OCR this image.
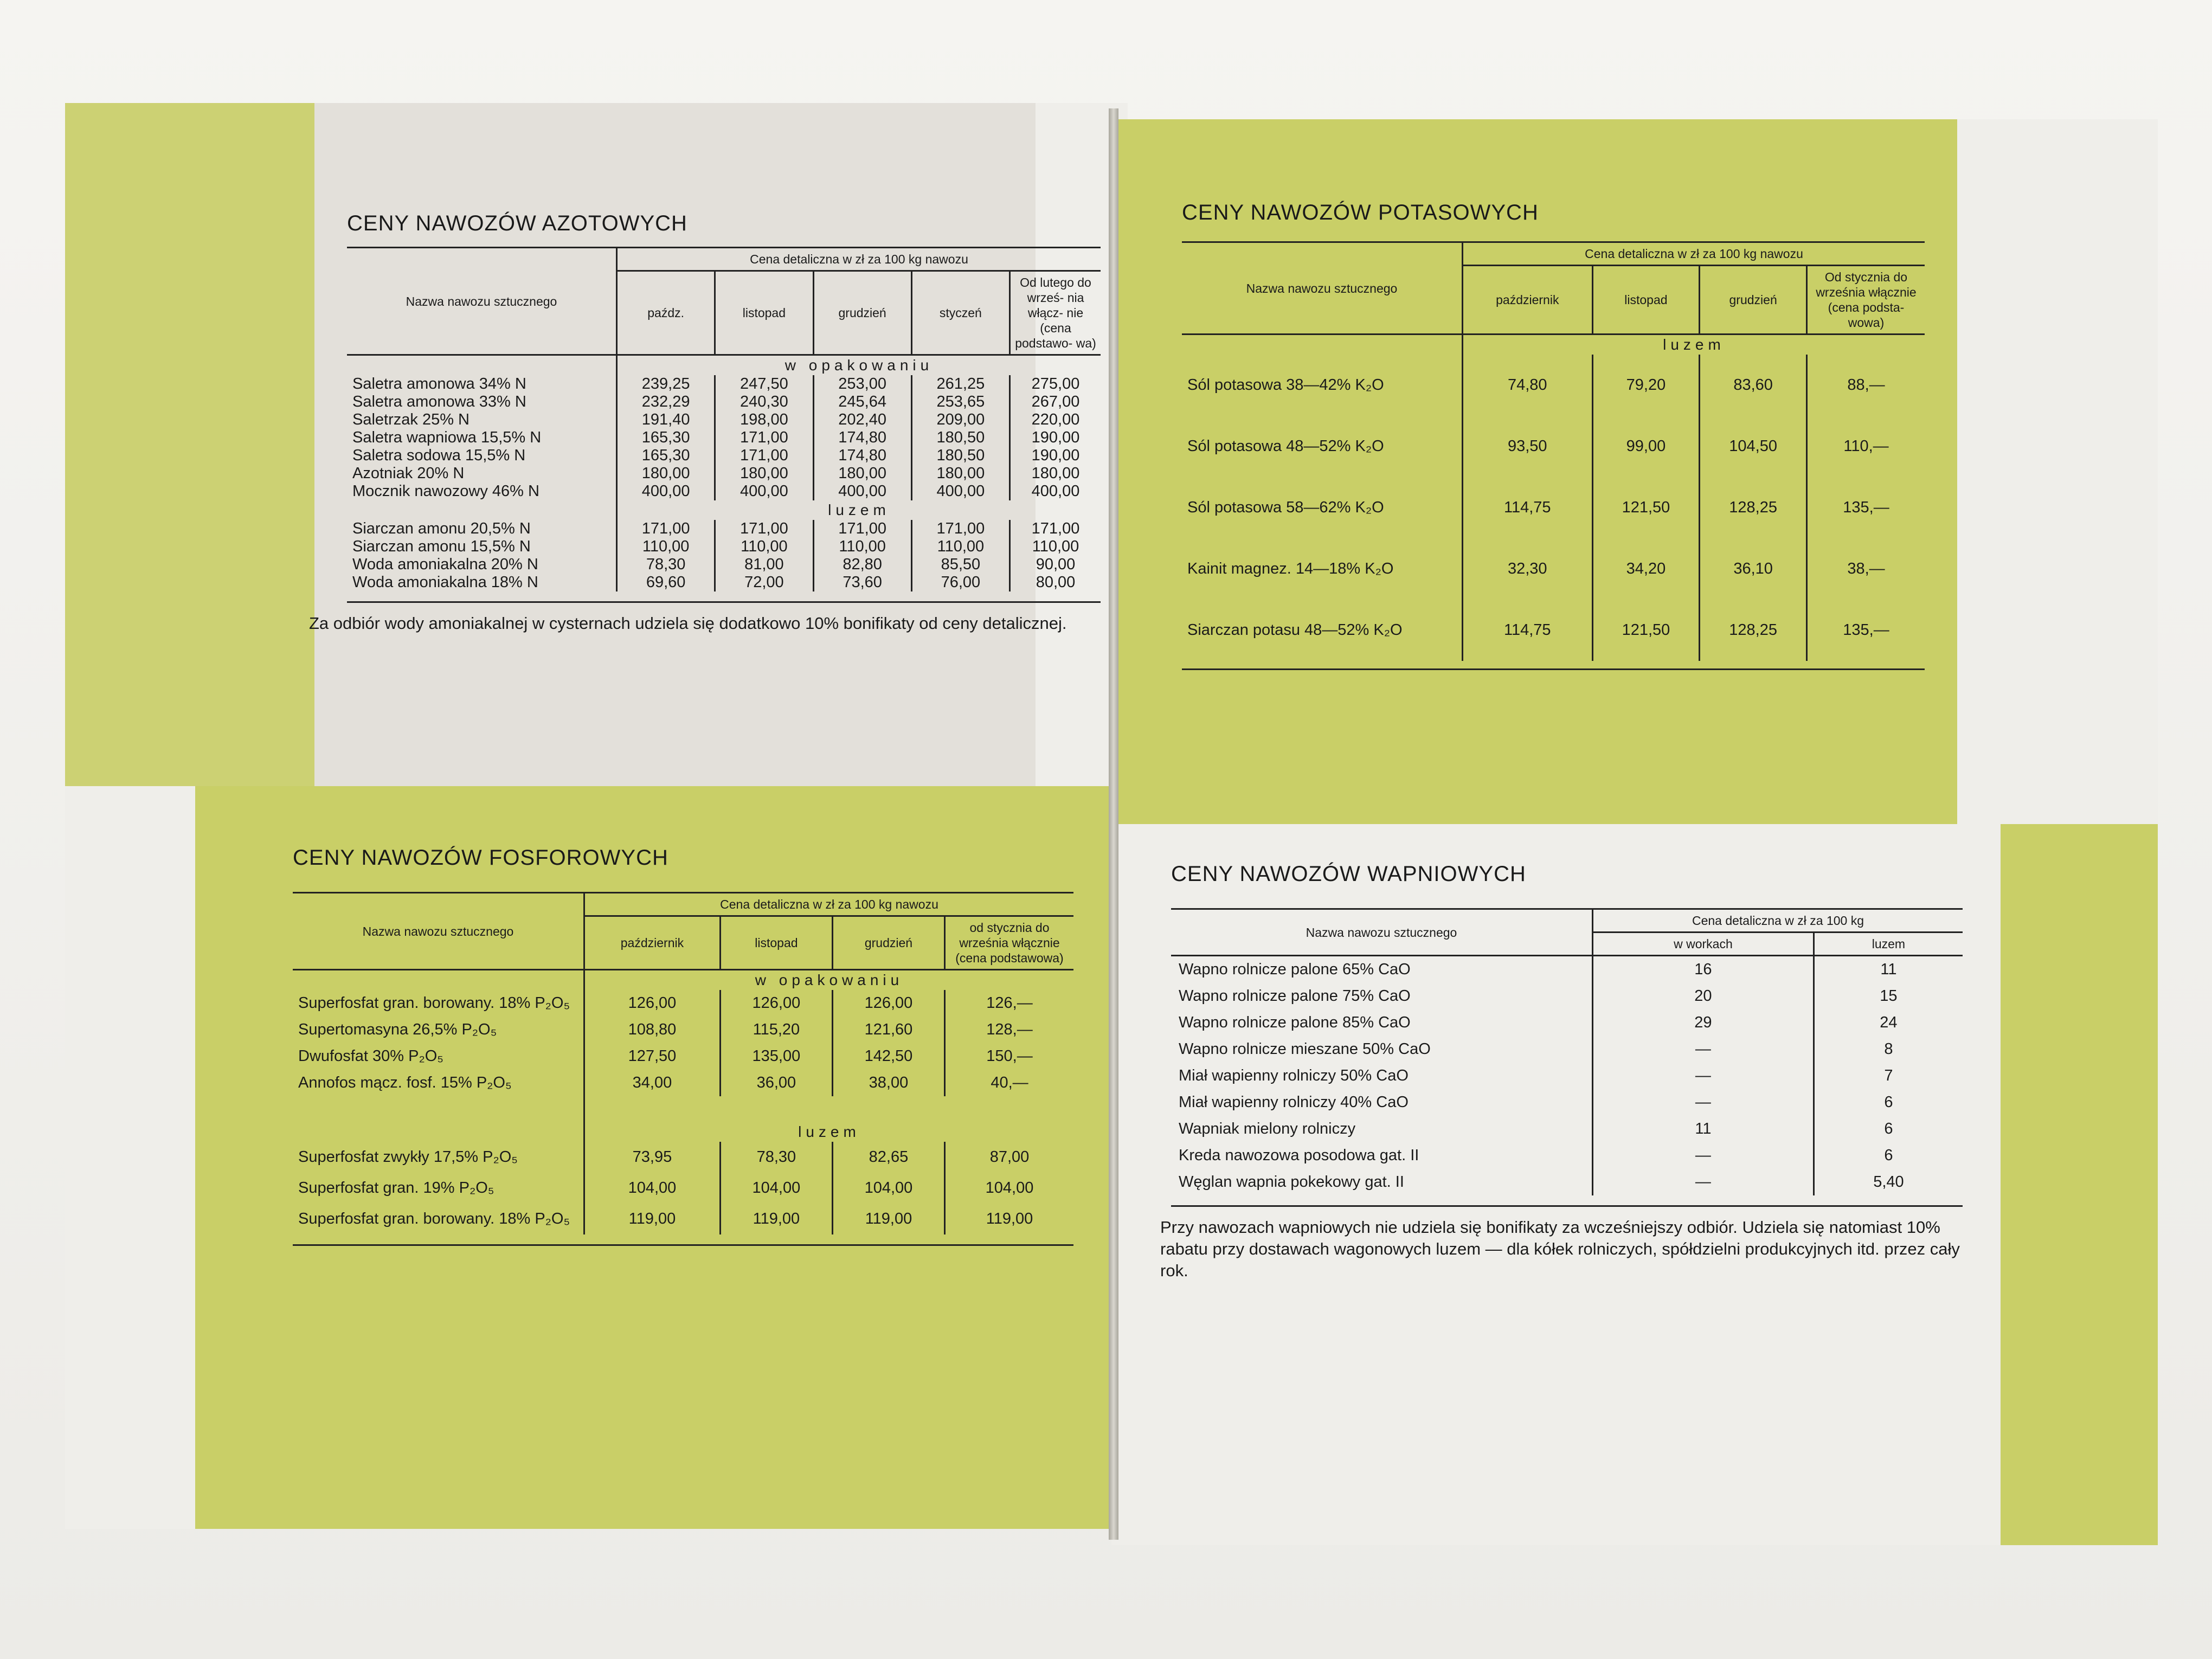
CENY NAWOZÓW AZOTOWYCH
Nazwa nawozu sztucznego	Cena detaliczna w zł za 100 kg nawozu				
	paźdz.	listopad	grudzień	styczeń	Od lutego do wrześ- nia włącz- nie (cena podstawo- wa)
	w opakowaniu				
Saletra amonowa 34% N	239,25	247,50	253,00	261,25	275,00
Saletra amonowa 33% N	232,29	240,30	245,64	253,65	267,00
Saletrzak 25% N	191,40	198,00	202,40	209,00	220,00
Saletra wapniowa 15,5% N	165,30	171,00	174,80	180,50	190,00
Saletra sodowa 15,5% N	165,30	171,00	174,80	180,50	190,00
Azotniak 20% N	180,00	180,00	180,00	180,00	180,00
Mocznik nawozowy 46% N	400,00	400,00	400,00	400,00	400,00
	luzem				
Siarczan amonu 20,5% N	171,00	171,00	171,00	171,00	171,00
Siarczan amonu 15,5% N	110,00	110,00	110,00	110,00	110,00
Woda amoniakalna 20% N	78,30	81,00	82,80	85,50	90,00
Woda amoniakalna 18% N	69,60	72,00	73,60	76,00	80,00

Za odbiór wody amoniakalnej w cysternach udziela się dodatkowo 10% bonifikaty od ceny detalicznej.
CENY NAWOZÓW POTASOWYCH
Nazwa nawozu sztucznego	Cena detaliczna w zł za 100 kg nawozu			
	październik	listopad	grudzień	Od stycznia do września włącznie (cena podsta- wowa)
	luzem			
Sól potasowa 38—42% K₂O	74,80	79,20	83,60	88,—
Sól potasowa 48—52% K₂O	93,50	99,00	104,50	110,—
Sól potasowa 58—62% K₂O	114,75	121,50	128,25	135,—
Kainit magnez. 14—18% K₂O	32,30	34,20	36,10	38,—
Siarczan potasu 48—52% K₂O	114,75	121,50	128,25	135,—

CENY NAWOZÓW FOSFOROWYCH
Nazwa nawozu sztucznego	Cena detaliczna w zł za 100 kg nawozu			
	październik	listopad	grudzień	od stycznia do września włącznie (cena podstawowa)
	w opakowaniu			
Superfosfat gran. borowany. 18% P₂O₅	126,00	126,00	126,00	126,—
Supertomasyna 26,5% P₂O₅	108,80	115,20	121,60	128,—
Dwufosfat 30% P₂O₅	127,50	135,00	142,50	150,—
Annofos mącz. fosf. 15% P₂O₅	34,00	36,00	38,00	40,—
	luzem			
Superfosfat zwykły 17,5% P₂O₅	73,95	78,30	82,65	87,00
Superfosfat gran. 19% P₂O₅	104,00	104,00	104,00	104,00
Superfosfat gran. borowany. 18% P₂O₅	119,00	119,00	119,00	119,00

CENY NAWOZÓW WAPNIOWYCH
Nazwa nawozu sztucznego	Cena detaliczna w zł za 100 kg	
	w workach	luzem
Wapno rolnicze palone 65% CaO	16	11
Wapno rolnicze palone 75% CaO	20	15
Wapno rolnicze palone 85% CaO	29	24
Wapno rolnicze mieszane 50% CaO	—	8
Miał wapienny rolniczy 50% CaO	—	7
Miał wapienny rolniczy 40% CaO	—	6
Wapniak mielony rolniczy	11	6
Kreda nawozowa posodowa gat. II	—	6
Węglan wapnia pokekowy gat. II	—	5,40

Przy nawozach wapniowych nie udziela się bonifikaty za wcześniejszy odbiór. Udziela się natomiast 10% rabatu przy dostawach wagonowych luzem — dla kółek rolniczych, spółdzielni produkcyjnych itd. przez cały rok.
